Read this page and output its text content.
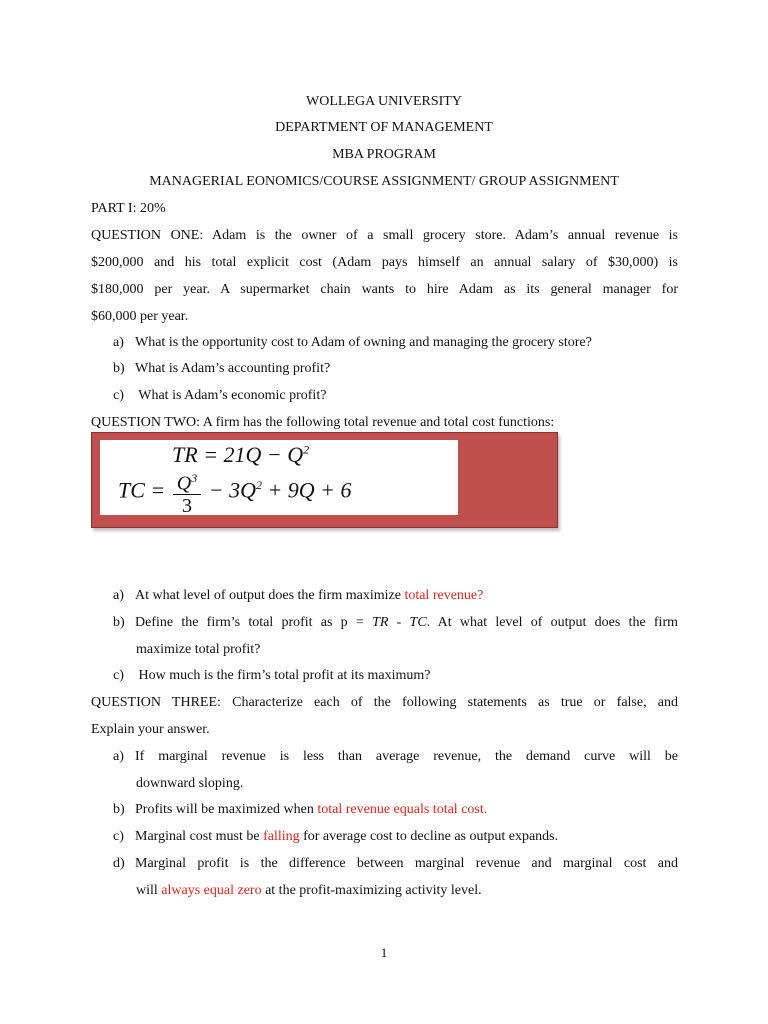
WOLLEGA UNIVERSITY
DEPARTMENT OF MANAGEMENT
MBA PROGRAM
MANAGERIAL EONOMICS/COURSE ASSIGNMENT/ GROUP ASSIGNMENT
PART I: 20%
QUESTION ONE: Adam is the owner of a small grocery store. Adam’s annual revenue is
$200,000 and his total explicit cost (Adam pays himself an annual salary of $30,000) is
$180,000 per year. A supermarket chain wants to hire Adam as its general manager for
$60,000 per year.
a) What is the opportunity cost to Adam of owning and managing the grocery store?
b) What is Adam’s accounting profit?
c) What is Adam’s economic profit?
QUESTION TWO: A firm has the following total revenue and total cost functions:
TR = $21Q - Q^2$
TC = $\frac{Q^3}{3} - 3Q^2 + 9Q + 6$
a) At what level of output does the firm maximize total revenue?
b) Define the firm’s total profit as p = TR - TC. At what level of output does the firm
maximize total profit?
c) How much is the firm’s total profit at its maximum?
QUESTION THREE: Characterize each of the following statements as true or false, and
Explain your answer.
a) If marginal revenue is less than average revenue, the demand curve will be
downward sloping.
b) Profits will be maximized when total revenue equals total cost.
c) Marginal cost must be falling for average cost to decline as output expands.
d) Marginal profit is the difference between marginal revenue and marginal cost and
will always equal zero at the profit-maximizing activity level.
1
